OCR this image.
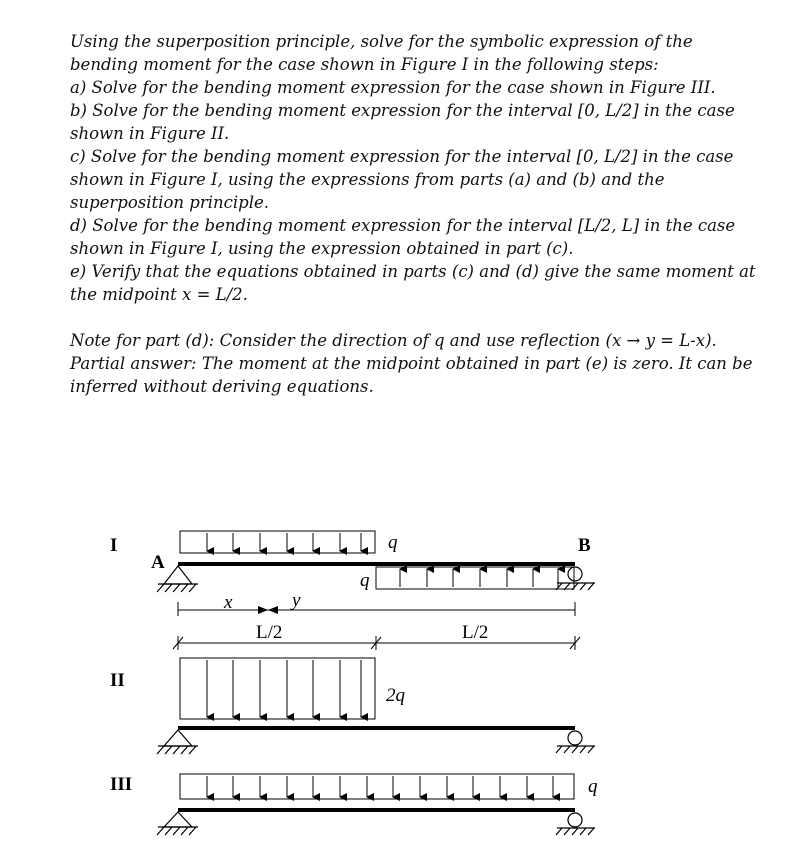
Using the superposition principle, solve for the symbolic expression of the bending moment for the case shown in Figure I in the following steps:

a) Solve for the bending moment expression for the case shown in Figure III.

b) Solve for the bending moment expression for the interval [0, L/2] in the case shown in Figure II.

c) Solve for the bending moment expression for the interval [0, L/2] in the case shown in Figure I, using the expressions from parts (a) and (b) and the superposition principle.

d) Solve for the bending moment expression for the interval [L/2, L] in the case shown in Figure I, using the expression obtained in part (c).

e) Verify that the equations obtained in parts (c) and (d) give the same moment at the midpoint x = L/2.

Note for part (d): Consider the direction of q and use reflection (x → y = L-x).

Partial answer: The moment at the midpoint obtained in part (e) is zero. It can be inferred without deriving equations.

I
A
B
q
q
x	y
L/2	L/2
II
2q
III	q
